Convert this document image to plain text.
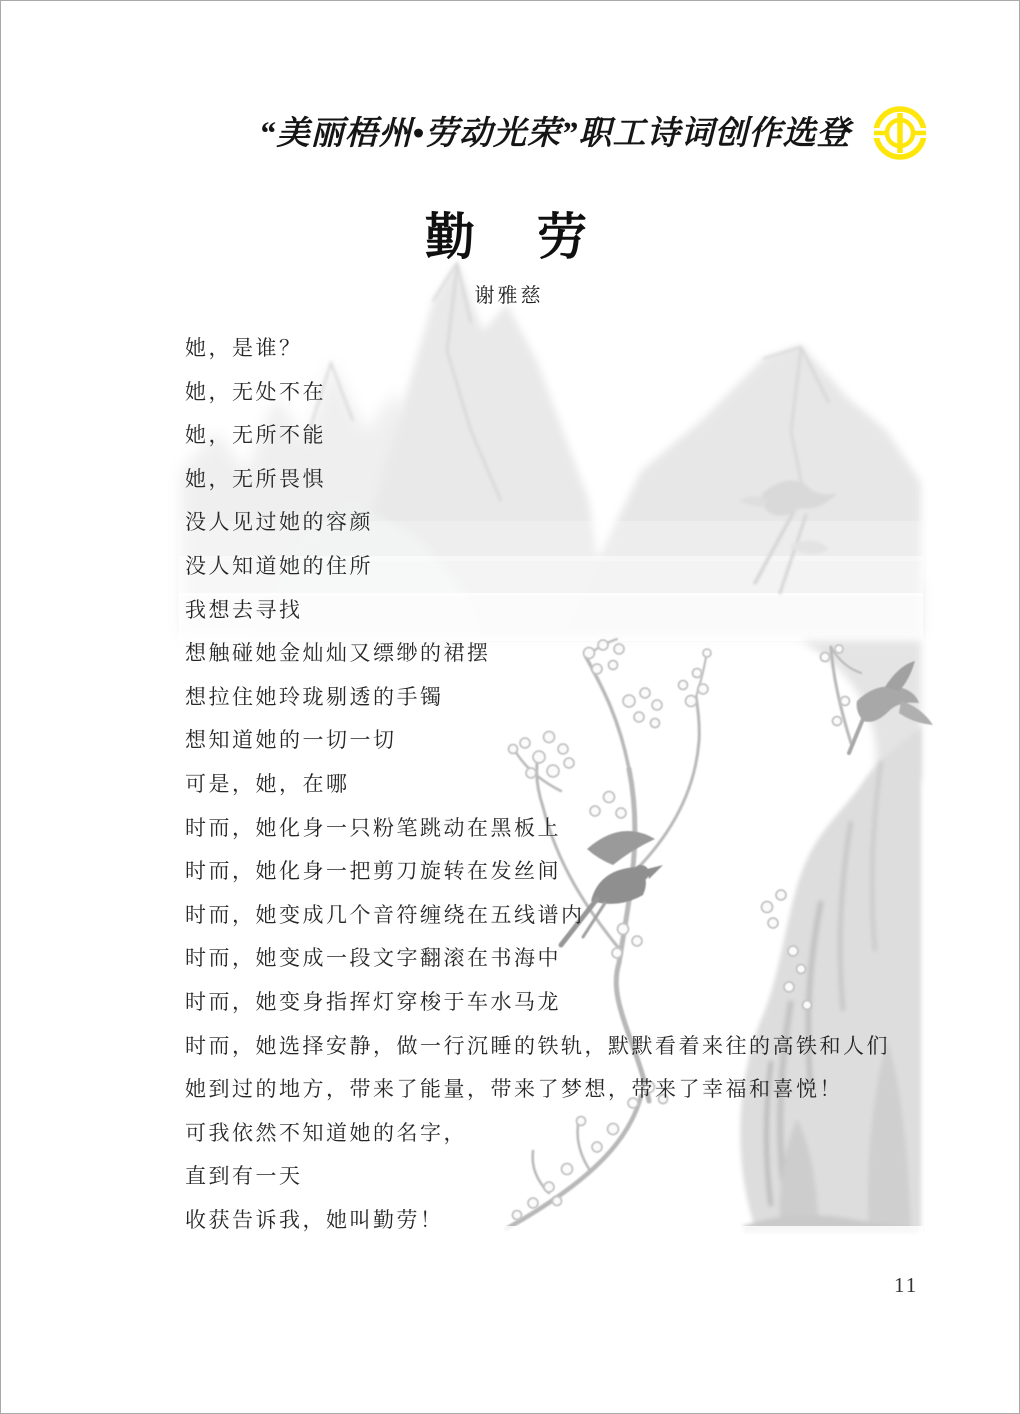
“美丽梧州•劳动光荣”职工诗词创作选登
勤　劳
谢雅慈
她，是谁？
她，无处不在
她，无所不能
她，无所畏惧
没人见过她的容颜
没人知道她的住所
我想去寻找
想触碰她金灿灿又缥缈的裙摆
想拉住她玲珑剔透的手镯
想知道她的一切一切
可是，她，在哪
时而，她化身一只粉笔跳动在黑板上
时而，她化身一把剪刀旋转在发丝间
时而，她变成几个音符缠绕在五线谱内
时而，她变成一段文字翻滚在书海中
时而，她变身指挥灯穿梭于车水马龙
时而，她选择安静，做一行沉睡的铁轨，默默看着来往的高铁和人们
她到过的地方，带来了能量，带来了梦想，带来了幸福和喜悦！
可我依然不知道她的名字，
直到有一天
收获告诉我，她叫勤劳！
11
